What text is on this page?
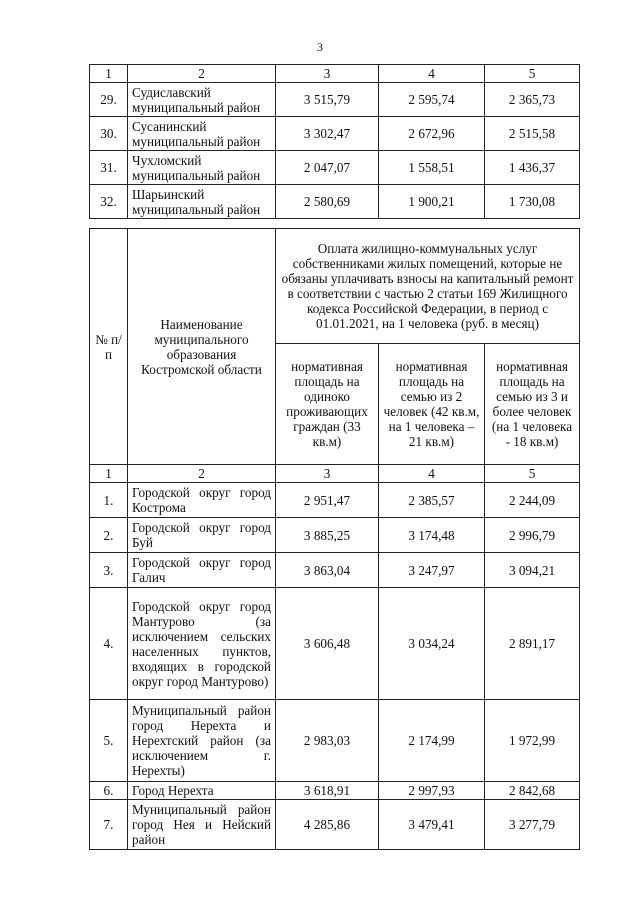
3
1	2	3	4	5
29.	Судиславский муниципальный район	3 515,79	2 595,74	2 365,73
30.	Сусанинский муниципальный район	3 302,47	2 672,96	2 515,58
31.	Чухломский муниципальный район	2 047,07	1 558,51	1 436,37
32.	Шарьинский муниципальный район	2 580,69	1 900,21	1 730,08
№ п/п	Наименование муниципального образования Костромской области	Оплата жилищно-коммунальных услуг собственниками жилых помещений, которые не обязаны уплачивать взносы на капитальный ремонт в соответствии с частью 2 статьи 169 Жилищного кодекса Российской Федерации, в период с 01.01.2021, на 1 человека (руб. в месяц)		
		нормативная площадь на одиноко проживающих граждан (33 кв.м)	нормативная площадь на семью из 2 человек (42 кв.м, на 1 человека – 21 кв.м)	нормативная площадь на семью из 3 и более человек (на 1 человека - 18 кв.м)
1	2	3	4	5
1.	Городской округ город Кострома	2 951,47	2 385,57	2 244,09
2.	Городской округ город Буй	3 885,25	3 174,48	2 996,79
3.	Городской округ город Галич	3 863,04	3 247,97	3 094,21
4.	Городской округ город Мантурово (за исключением сельских населенных пунктов, входящих в городской округ город Мантурово)	3 606,48	3 034,24	2 891,17
5.	Муниципальный район город Нерехта и Нерехтский район (за исключением г. Нерехты)	2 983,03	2 174,99	1 972,99
6.	Город Нерехта	3 618,91	2 997,93	2 842,68
7.	Муниципальный район город Нея и Нейский район	4 285,86	3 479,41	3 277,79
